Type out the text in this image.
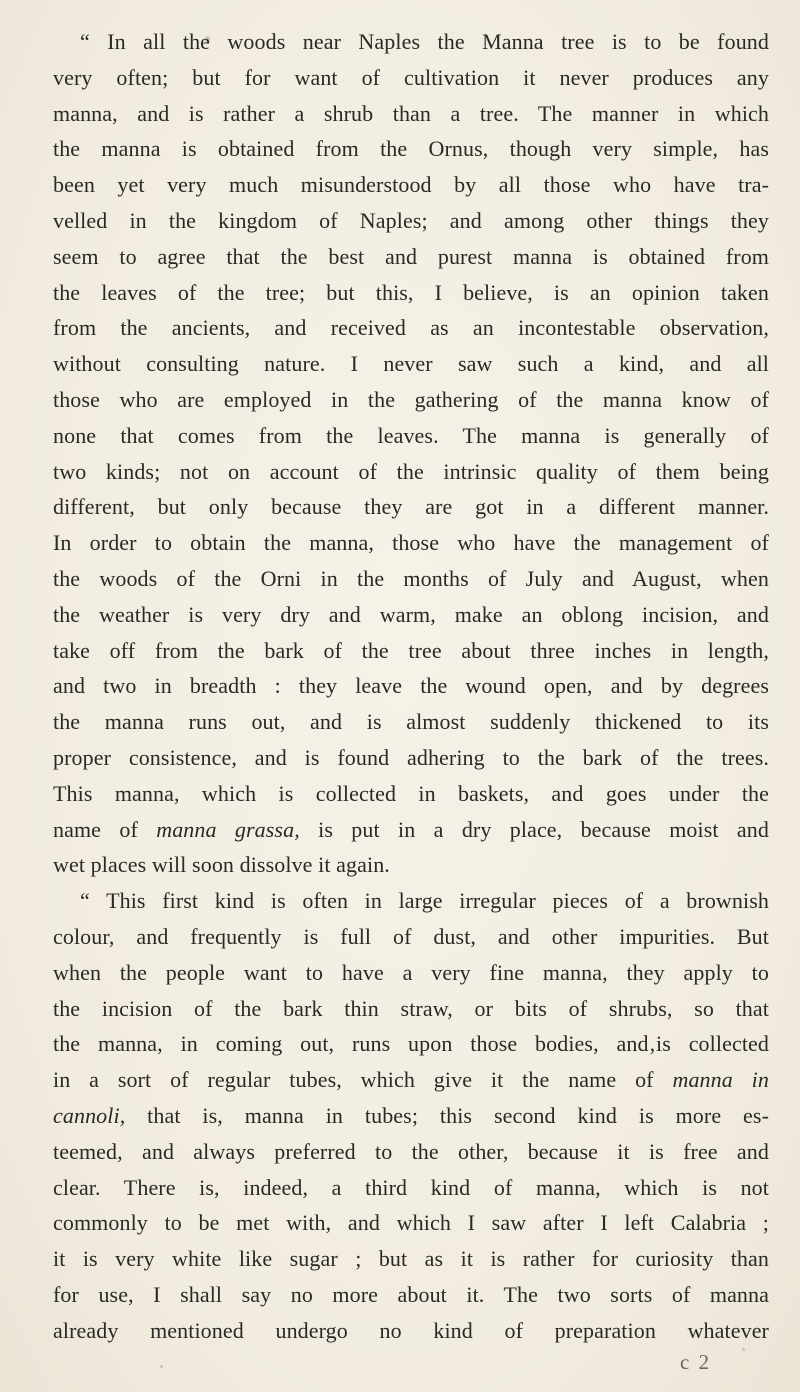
“ In all the woods near Naples the Manna tree is to be found
very often; but for want of cultivation it never produces any
manna, and is rather a shrub than a tree. The manner in which
the manna is obtained from the Ornus, though very simple, has
been yet very much misunderstood by all those who have tra-
velled in the kingdom of Naples; and among other things they
seem to agree that the best and purest manna is obtained from
the leaves of the tree; but this, I believe, is an opinion taken
from the ancients, and received as an incontestable observation,
without consulting nature. I never saw such a kind, and all
those who are employed in the gathering of the manna know of
none that comes from the leaves. The manna is generally of
two kinds; not on account of the intrinsic quality of them being
different, but only because they are got in a different manner.
In order to obtain the manna, those who have the management of
the woods of the Orni in the months of July and August, when
the weather is very dry and warm, make an oblong incision, and
take off from the bark of the tree about three inches in length,
and two in breadth : they leave the wound open, and by degrees
the manna runs out, and is almost suddenly thickened to its
proper consistence, and is found adhering to the bark of the trees.
This manna, which is collected in baskets, and goes under the
name of manna grassa, is put in a dry place, because moist and
wet places will soon dissolve it again.
“ This first kind is often in large irregular pieces of a brownish
colour, and frequently is full of dust, and other impurities. But
when the people want to have a very fine manna, they apply to
the incision of the bark thin straw, or bits of shrubs, so that
the manna, in coming out, runs upon those bodies, and‚is collected
in a sort of regular tubes, which give it the name of manna in
cannoli, that is, manna in tubes; this second kind is more es-
teemed, and always preferred to the other, because it is free and
clear. There is, indeed, a third kind of manna, which is not
commonly to be met with, and which I saw after I left Calabria ;
it is very white like sugar ; but as it is rather for curiosity than
for use, I shall say no more about it. The two sorts of manna
already mentioned undergo no kind of preparation whatever
c 2
